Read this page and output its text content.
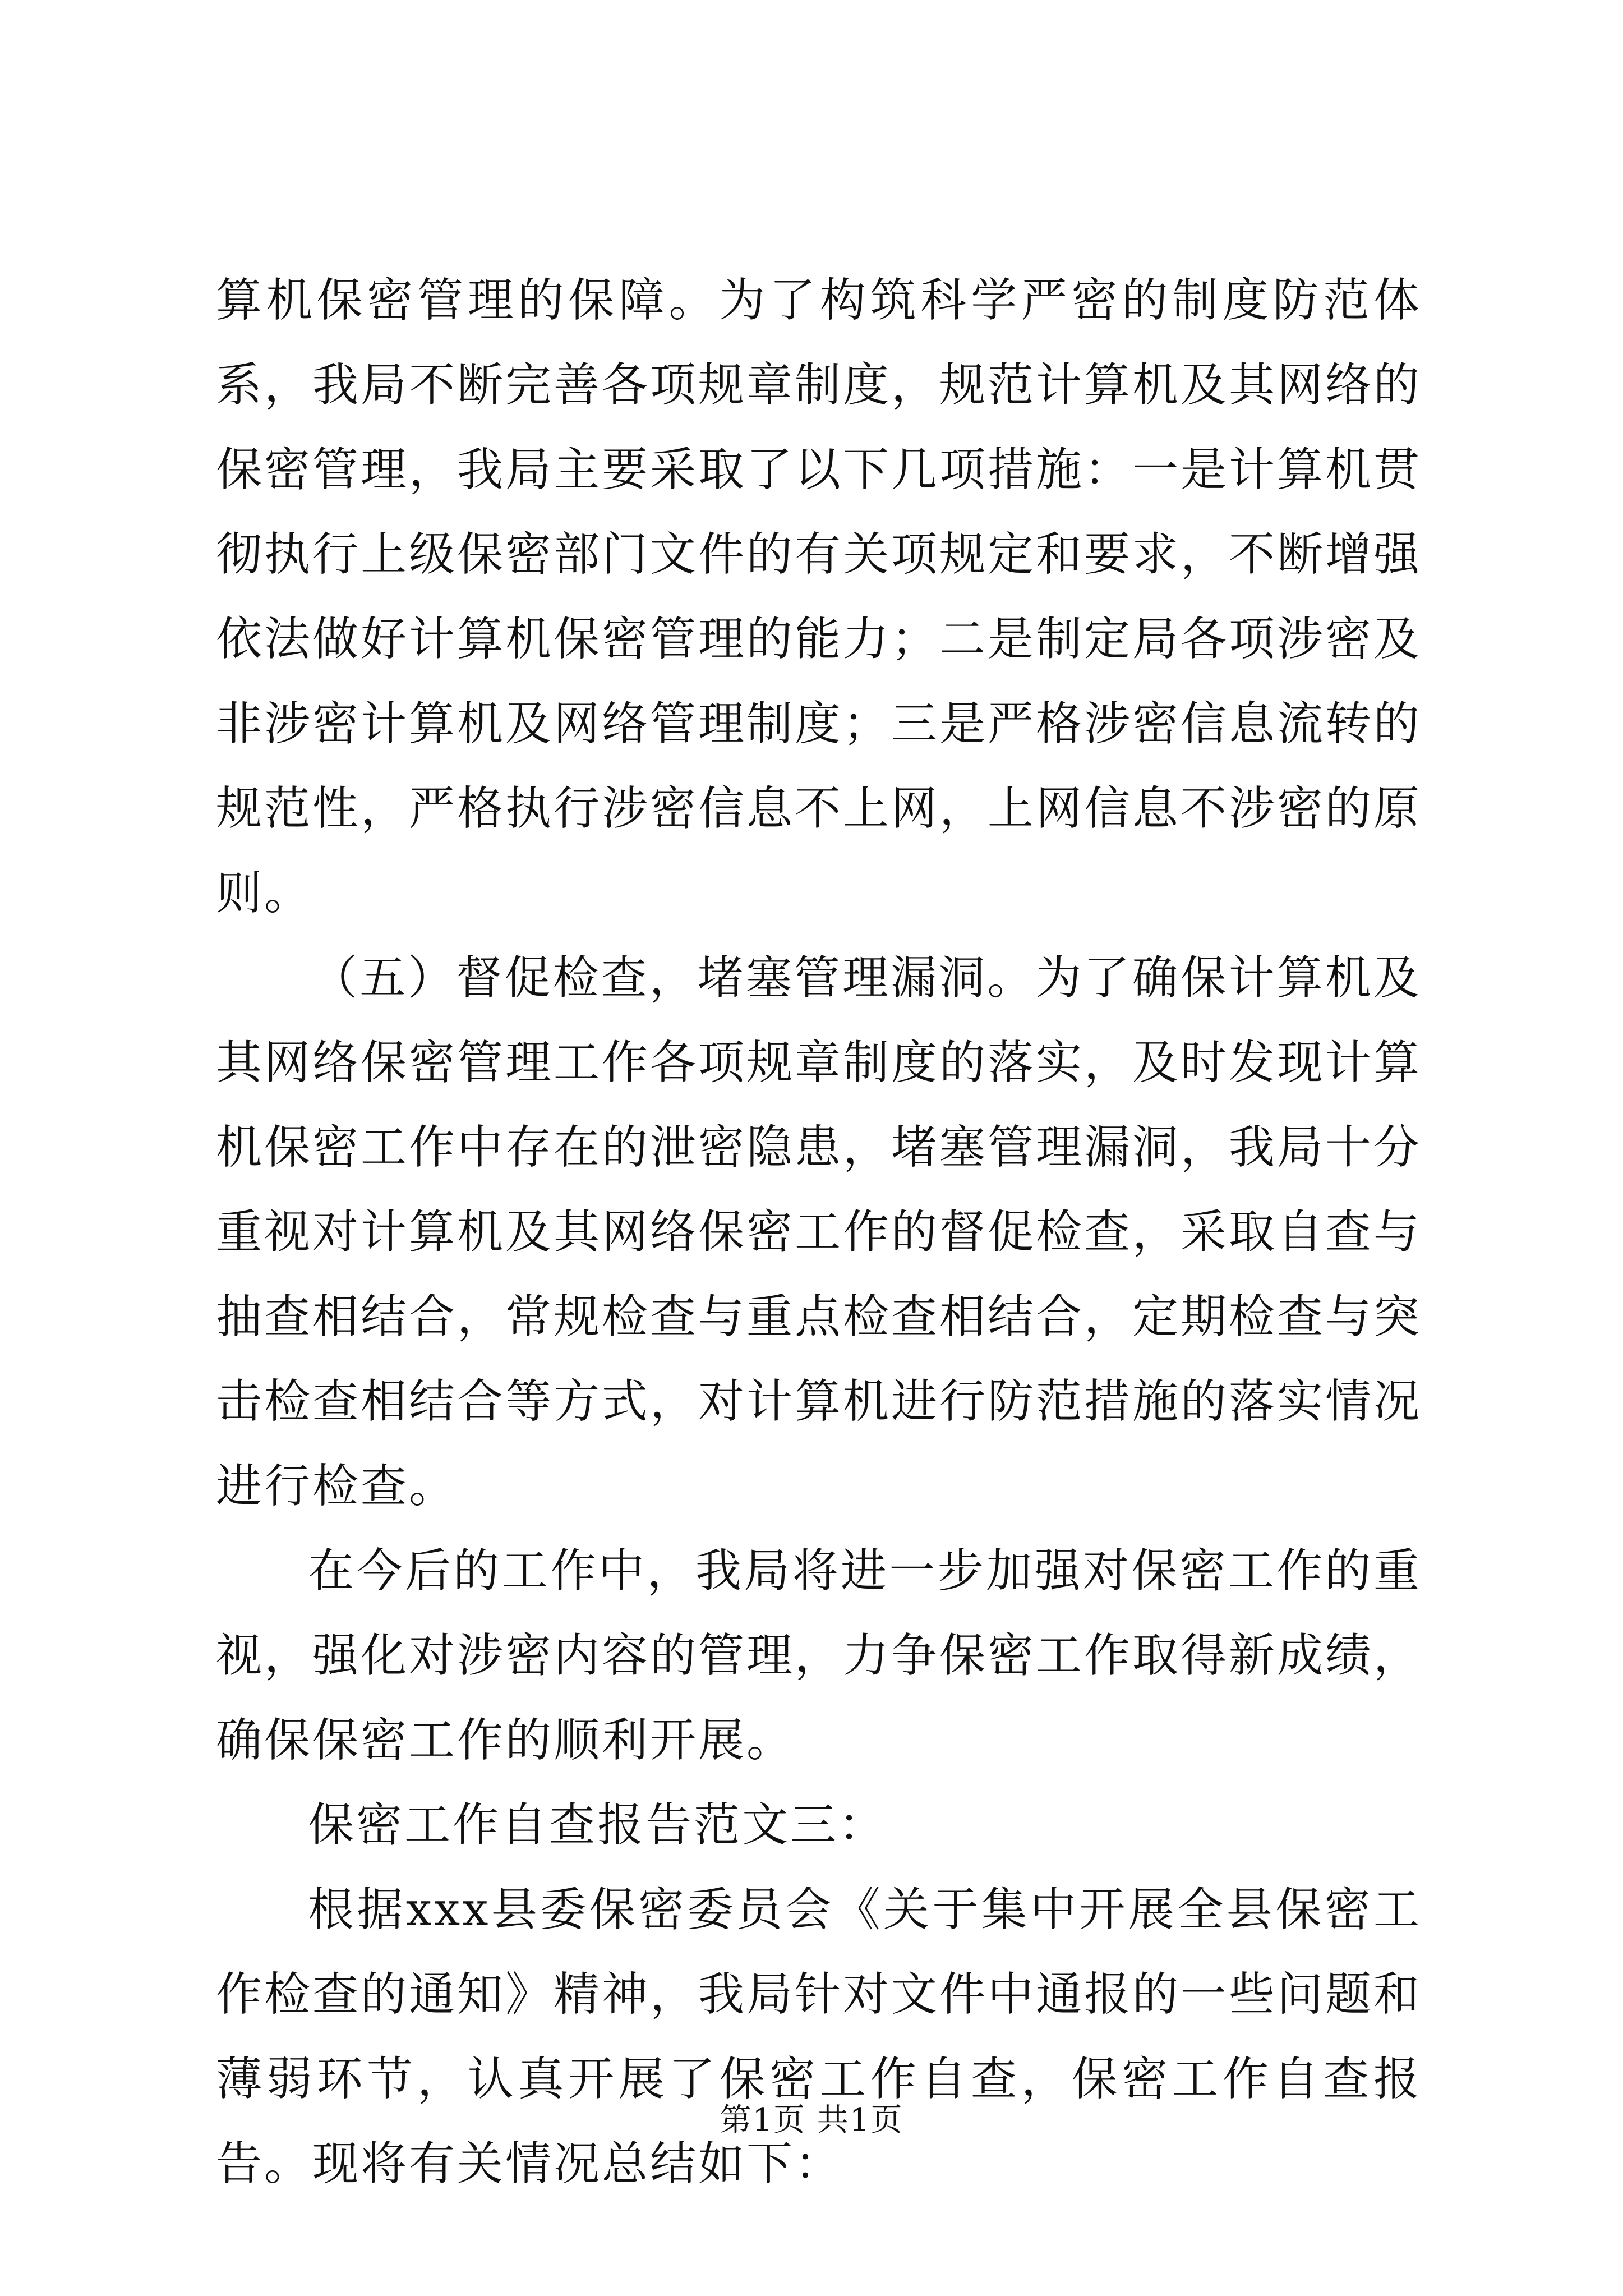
算机保密管理的保障。为了构筑科学严密的制度防范体系，我局不断完善各项规章制度，规范计算机及其网络的保密管理，我局主要采取了以下几项措施：一是计算机贯彻执行上级保密部门文件的有关项规定和要求，不断增强依法做好计算机保密管理的能力；二是制定局各项涉密及非涉密计算机及网络管理制度；三是严格涉密信息流转的规范性，严格执行涉密信息不上网，上网信息不涉密的原则。

（五）督促检查，堵塞管理漏洞。为了确保计算机及其网络保密管理工作各项规章制度的落实，及时发现计算机保密工作中存在的泄密隐患，堵塞管理漏洞，我局十分重视对计算机及其网络保密工作的督促检查，采取自查与抽查相结合，常规检查与重点检查相结合，定期检查与突击检查相结合等方式，对计算机进行防范措施的落实情况进行检查。

在今后的工作中，我局将进一步加强对保密工作的重视，强化对涉密内容的管理，力争保密工作取得新成绩，确保保密工作的顺利开展。

保密工作自查报告范文三：

根据xxx县委保密委员会《关于集中开展全县保密工作检查的通知》精神，我局针对文件中通报的一些问题和薄弱环节，认真开展了保密工作自查，保密工作自查报告。现将有关情况总结如下：

第1页 共1页
